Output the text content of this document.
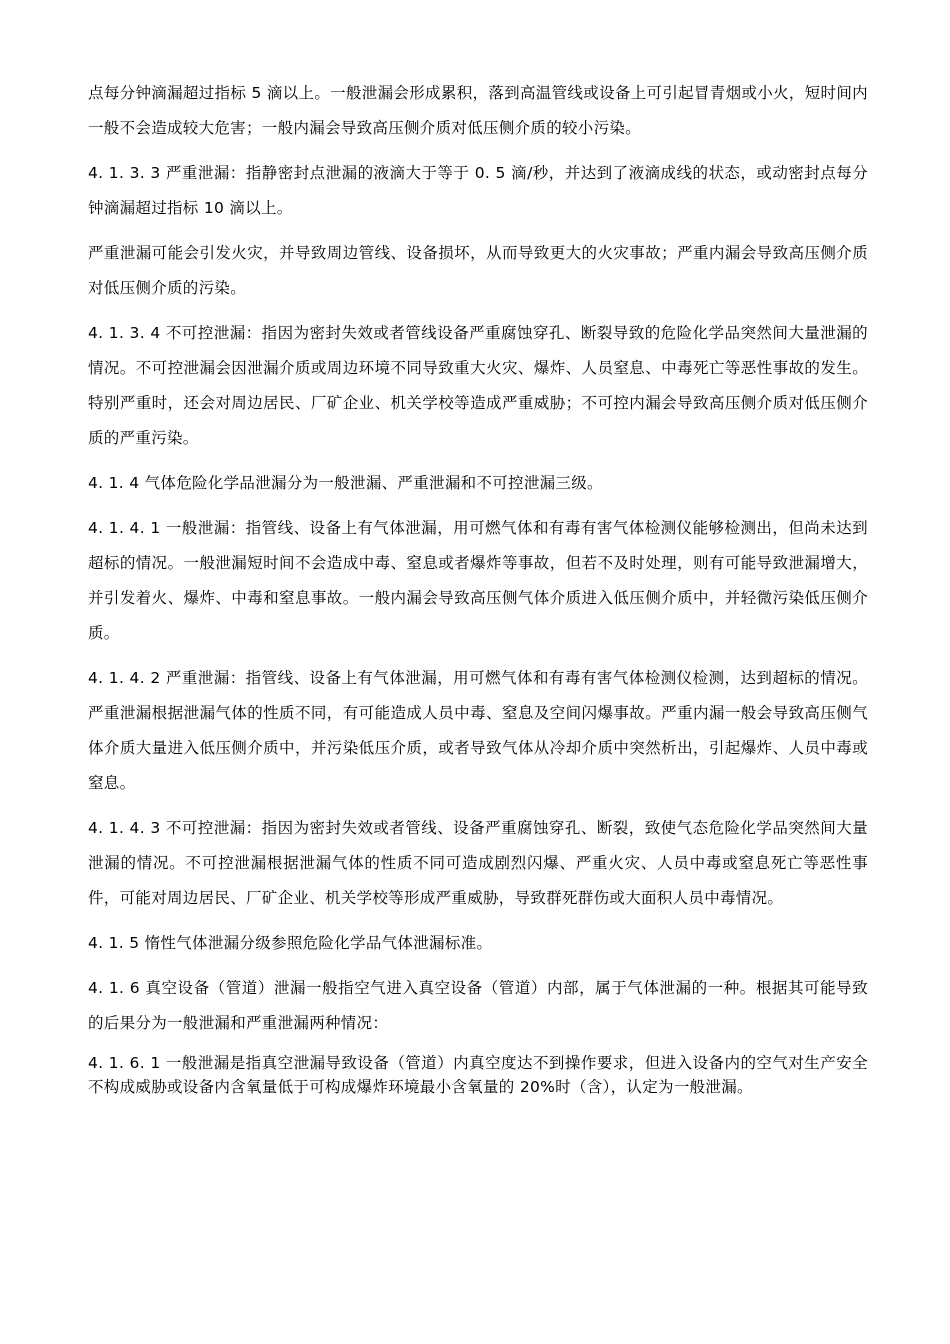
点每分钟滴漏超过指标 5 滴以上。一般泄漏会形成累积，落到高温管线或设备上可引起冒青烟或小火，短时间内一般不会造成较大危害；一般内漏会导致高压侧介质对低压侧介质的较小污染。

4. 1. 3. 3 严重泄漏：指静密封点泄漏的液滴大于等于 0. 5 滴/秒，并达到了液滴成线的状态，或动密封点每分钟滴漏超过指标 10 滴以上。

严重泄漏可能会引发火灾，并导致周边管线、设备损坏，从而导致更大的火灾事故；严重内漏会导致高压侧介质对低压侧介质的污染。

4. 1. 3. 4 不可控泄漏：指因为密封失效或者管线设备严重腐蚀穿孔、断裂导致的危险化学品突然间大量泄漏的情况。不可控泄漏会因泄漏介质或周边环境不同导致重大火灾、爆炸、人员窒息、中毒死亡等恶性事故的发生。特别严重时，还会对周边居民、厂矿企业、机关学校等造成严重威胁；不可控内漏会导致高压侧介质对低压侧介质的严重污染。

4. 1. 4 气体危险化学品泄漏分为一般泄漏、严重泄漏和不可控泄漏三级。

4. 1. 4. 1 一般泄漏：指管线、设备上有气体泄漏，用可燃气体和有毒有害气体检测仪能够检测出，但尚未达到超标的情况。一般泄漏短时间不会造成中毒、窒息或者爆炸等事故，但若不及时处理，则有可能导致泄漏增大，并引发着火、爆炸、中毒和窒息事故。一般内漏会导致高压侧气体介质进入低压侧介质中，并轻微污染低压侧介质。

4. 1. 4. 2 严重泄漏：指管线、设备上有气体泄漏，用可燃气体和有毒有害气体检测仪检测，达到超标的情况。严重泄漏根据泄漏气体的性质不同，有可能造成人员中毒、窒息及空间闪爆事故。严重内漏一般会导致高压侧气体介质大量进入低压侧介质中，并污染低压介质，或者导致气体从冷却介质中突然析出，引起爆炸、人员中毒或窒息。

4. 1. 4. 3 不可控泄漏：指因为密封失效或者管线、设备严重腐蚀穿孔、断裂，致使气态危险化学品突然间大量泄漏的情况。不可控泄漏根据泄漏气体的性质不同可造成剧烈闪爆、严重火灾、人员中毒或窒息死亡等恶性事件，可能对周边居民、厂矿企业、机关学校等形成严重威胁，导致群死群伤或大面积人员中毒情况。

4. 1. 5 惰性气体泄漏分级参照危险化学品气体泄漏标准。

4. 1. 6 真空设备（管道）泄漏一般指空气进入真空设备（管道）内部，属于气体泄漏的一种。根据其可能导致的后果分为一般泄漏和严重泄漏两种情况：

4. 1. 6. 1 一般泄漏是指真空泄漏导致设备（管道）内真空度达不到操作要求，但进入设备内的空气对生产安全不构成威胁或设备内含氧量低于可构成爆炸环境最小含氧量的 20%时（含），认定为一般泄漏。
